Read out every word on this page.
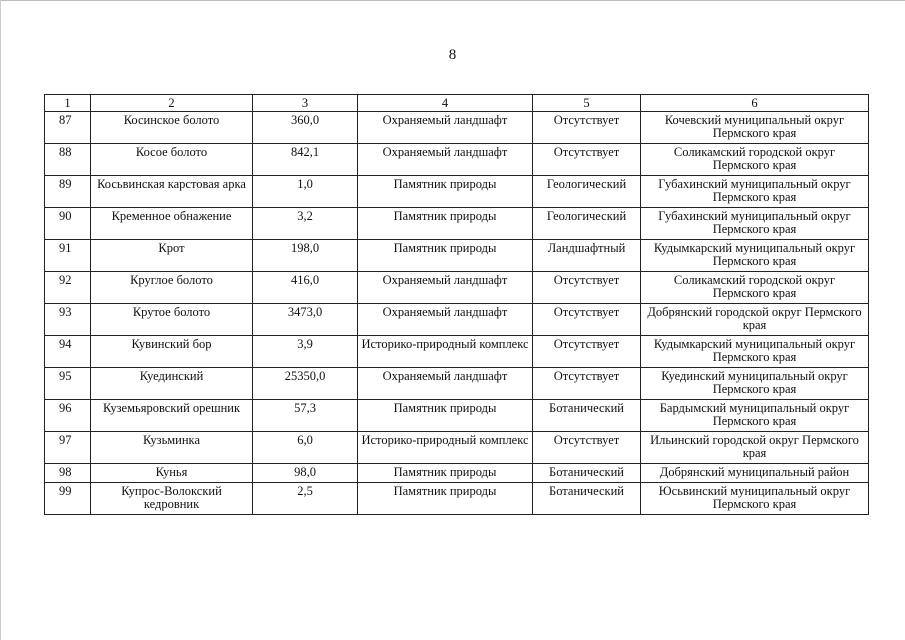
8
1	2	3	4	5	6
87	Косинское болото	360,0	Охраняемый ландшафт	Отсутствует	Кочевский муниципальный округ Пермского края
88	Косое болото	842,1	Охраняемый ландшафт	Отсутствует	Соликамский городской округ Пермского края
89	Косьвинская карстовая арка	1,0	Памятник природы	Геологический	Губахинский муниципальный округ Пермского края
90	Кременное обнажение	3,2	Памятник природы	Геологический	Губахинский муниципальный округ Пермского края
91	Крот	198,0	Памятник природы	Ландшафтный	Кудымкарский муниципальный округ Пермского края
92	Круглое болото	416,0	Охраняемый ландшафт	Отсутствует	Соликамский городской округ Пермского края
93	Крутое болото	3473,0	Охраняемый ландшафт	Отсутствует	Добрянский городской округ Пермского края
94	Кувинский бор	3,9	Историко-природный комплекс	Отсутствует	Кудымкарский муниципальный округ Пермского края
95	Куединский	25350,0	Охраняемый ландшафт	Отсутствует	Куединский муниципальный округ Пермского края
96	Куземьяровский орешник	57,3	Памятник природы	Ботанический	Бардымский муниципальный округ Пермского края
97	Кузьминка	6,0	Историко-природный комплекс	Отсутствует	Ильинский городской округ Пермского края
98	Кунья	98,0	Памятник природы	Ботанический	Добрянский муниципальный район
99	Купрос-Волокский кедровник	2,5	Памятник природы	Ботанический	Юсьвинский муниципальный округ Пермского края
